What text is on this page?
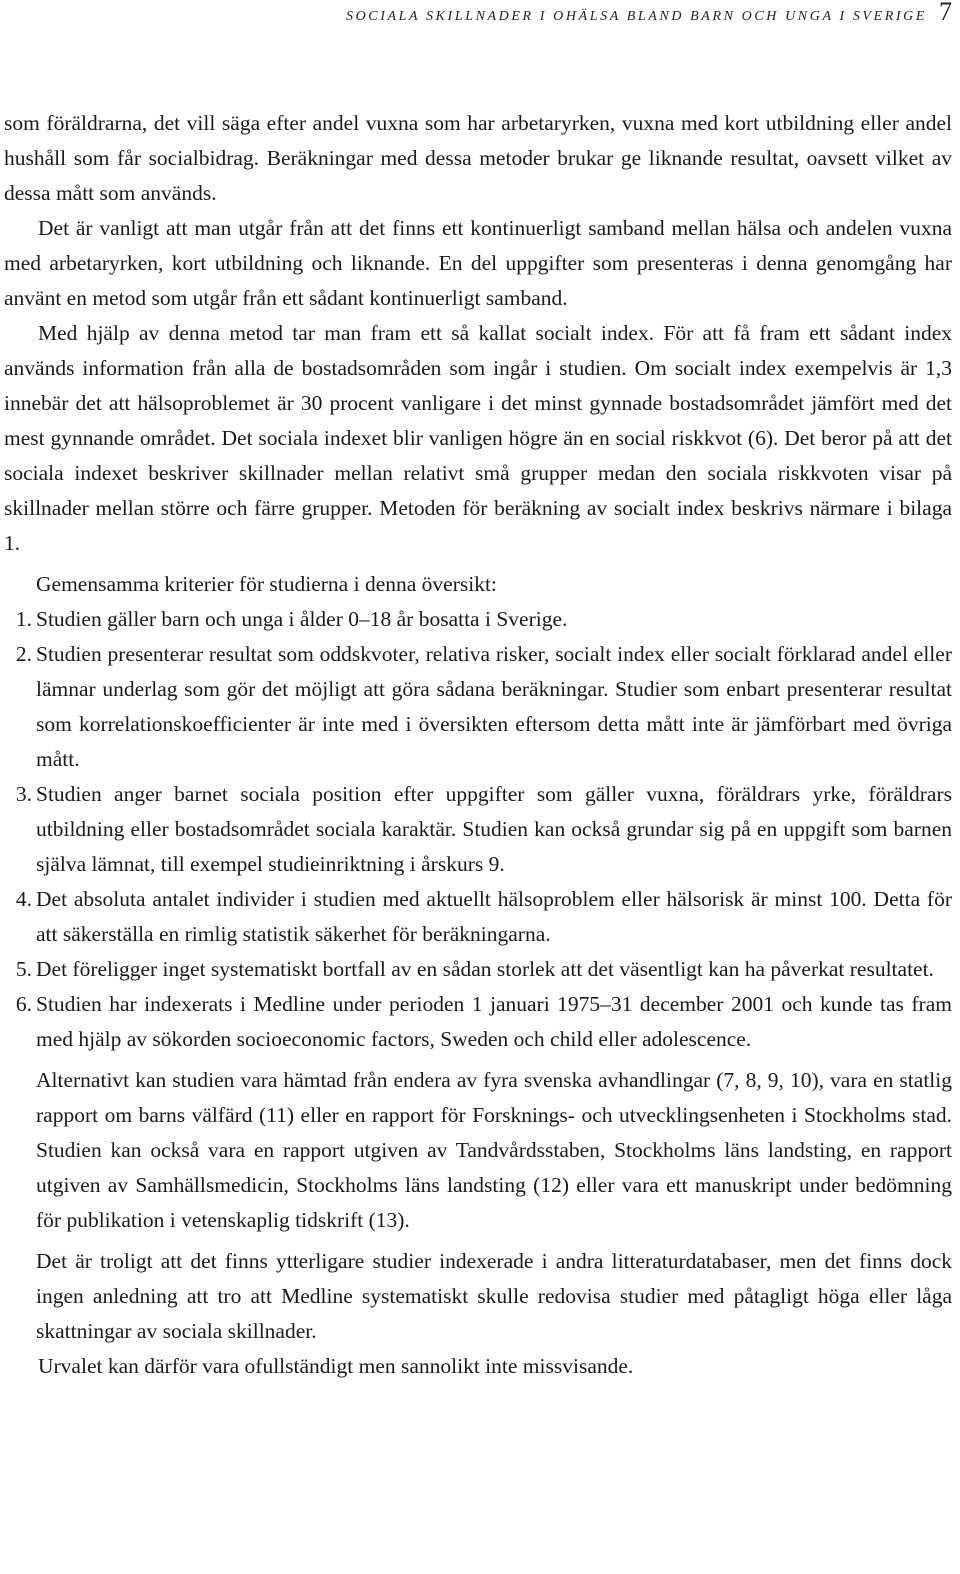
SOCIALA SKILLNADER I OHÄLSA BLAND BARN OCH UNGA I SVERIGE 7

som föräldrarna, det vill säga efter andel vuxna som har arbetaryrken, vuxna med kort utbildning eller andel hushåll som får socialbidrag. Beräkningar med dessa metoder brukar ge liknande resultat, oavsett vilket av dessa mått som används.

Det är vanligt att man utgår från att det finns ett kontinuerligt samband mellan hälsa och andelen vuxna med arbetaryrken, kort utbildning och liknande. En del uppgifter som presenteras i denna genomgång har använt en metod som utgår från ett sådant kontinuerligt samband.

Med hjälp av denna metod tar man fram ett så kallat socialt index. För att få fram ett sådant index används information från alla de bostadsområden som ingår i studien. Om socialt index exempelvis är 1,3 innebär det att hälsoproblemet är 30 procent vanligare i det minst gynnade bostadsområdet jämfört med det mest gynnande området. Det sociala indexet blir vanligen högre än en social riskkvot (6). Det beror på att det sociala indexet beskriver skillnader mellan relativt små grupper medan den sociala riskkvoten visar på skillnader mellan större och färre grupper. Metoden för beräkning av socialt index beskrivs närmare i bilaga 1.

Gemensamma kriterier för studierna i denna översikt:

1. Studien gäller barn och unga i ålder 0–18 år bosatta i Sverige.
2. Studien presenterar resultat som oddskvoter, relativa risker, socialt index eller socialt förklarad andel eller lämnar underlag som gör det möjligt att göra sådana beräkningar. Studier som enbart presenterar resultat som korrelationskoefficienter är inte med i översikten eftersom detta mått inte är jämförbart med övriga mått.
3. Studien anger barnet sociala position efter uppgifter som gäller vuxna, föräldrars yrke, föräldrars utbildning eller bostadsområdet sociala karaktär. Studien kan också grundar sig på en uppgift som barnen själva lämnat, till exempel studieinriktning i årskurs 9.
4. Det absoluta antalet individer i studien med aktuellt hälsoproblem eller hälsorisk är minst 100. Detta för att säkerställa en rimlig statistik säkerhet för beräkningarna.
5. Det föreligger inget systematiskt bortfall av en sådan storlek att det väsentligt kan ha påverkat resultatet.
6. Studien har indexerats i Medline under perioden 1 januari 1975–31 december 2001 och kunde tas fram med hjälp av sökorden socioeconomic factors, Sweden och child eller adolescence.

Alternativt kan studien vara hämtad från endera av fyra svenska avhandlingar (7, 8, 9, 10), vara en statlig rapport om barns välfärd (11) eller en rapport för Forsknings- och utvecklingsenheten i Stockholms stad. Studien kan också vara en rapport utgiven av Tandvårdsstaben, Stockholms läns landsting, en rapport utgiven av Samhällsmedicin, Stockholms läns landsting (12) eller vara ett manuskript under bedömning för publikation i vetenskaplig tidskrift (13).

Det är troligt att det finns ytterligare studier indexerade i andra litteraturdatabaser, men det finns dock ingen anledning att tro att Medline systematiskt skulle redovisa studier med påtagligt höga eller låga skattningar av sociala skillnader.

Urvalet kan därför vara ofullständigt men sannolikt inte missvisande.
